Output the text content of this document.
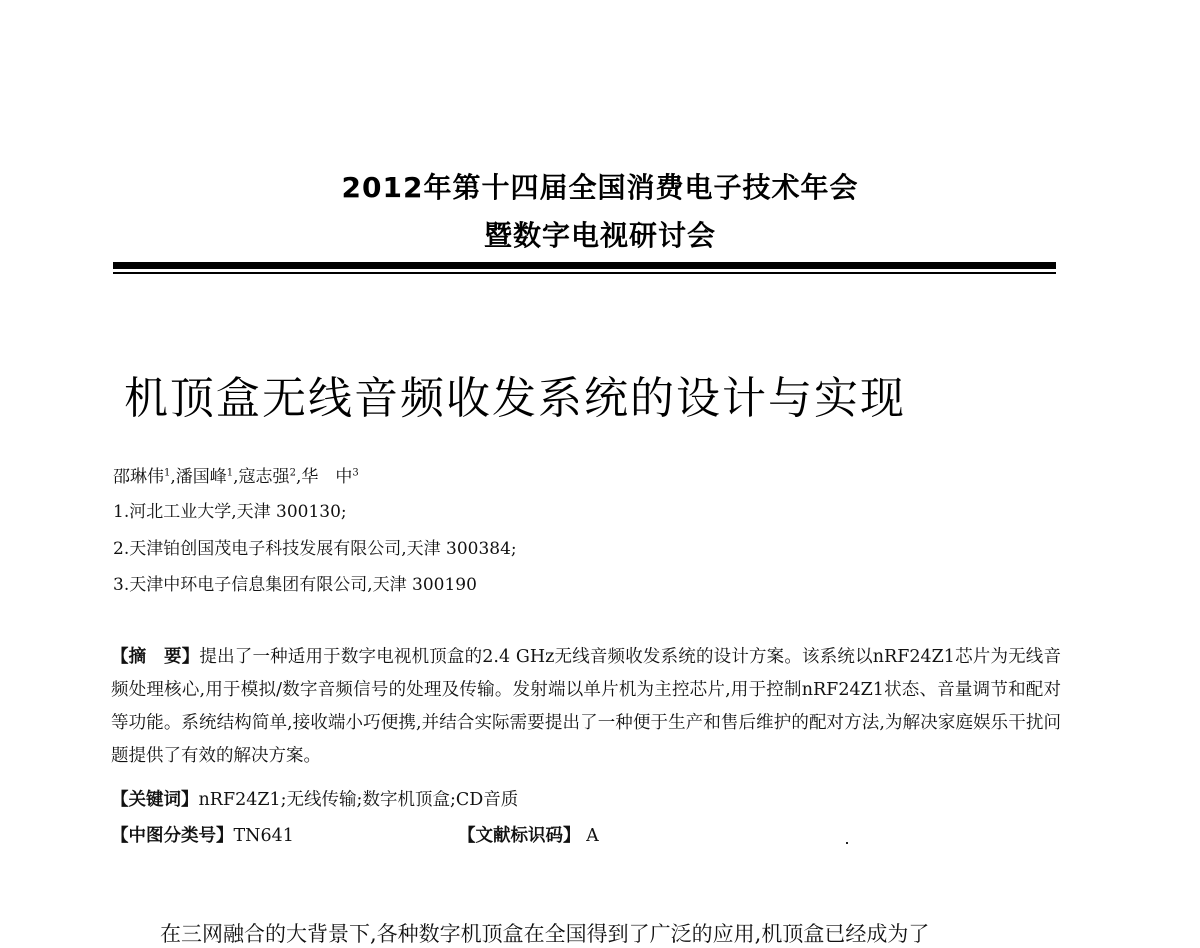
2012年第十四届全国消费电子技术年会
暨数字电视研讨会
机顶盒无线音频收发系统的设计与实现
邵琳伟$^1$,潘国峰$^1$,寇志强$^2$,华　中$^3$
1.河北工业大学,天津 300130;
2.天津铂创国茂电子科技发展有限公司,天津 300384;
3.天津中环电子信息集团有限公司,天津 300190
【摘　要】提出了一种适用于数字电视机顶盒的2.4 GHz无线音频收发系统的设计方案。该系统以nRF24Z1芯片为无线音频处理核心,用于模拟/数字音频信号的处理及传输。发射端以单片机为主控芯片,用于控制nRF24Z1状态、音量调节和配对等功能。系统结构简单,接收端小巧便携,并结合实际需要提出了一种便于生产和售后维护的配对方法,为解决家庭娱乐干扰问题提供了有效的解决方案。
【关键词】nRF24Z1;无线传输;数字机顶盒;CD音质
【中图分类号】TN641	【文献标识码】 A
在三网融合的大背景下,各种数字机顶盒在全国得到了广泛的应用,机顶盒已经成为了
